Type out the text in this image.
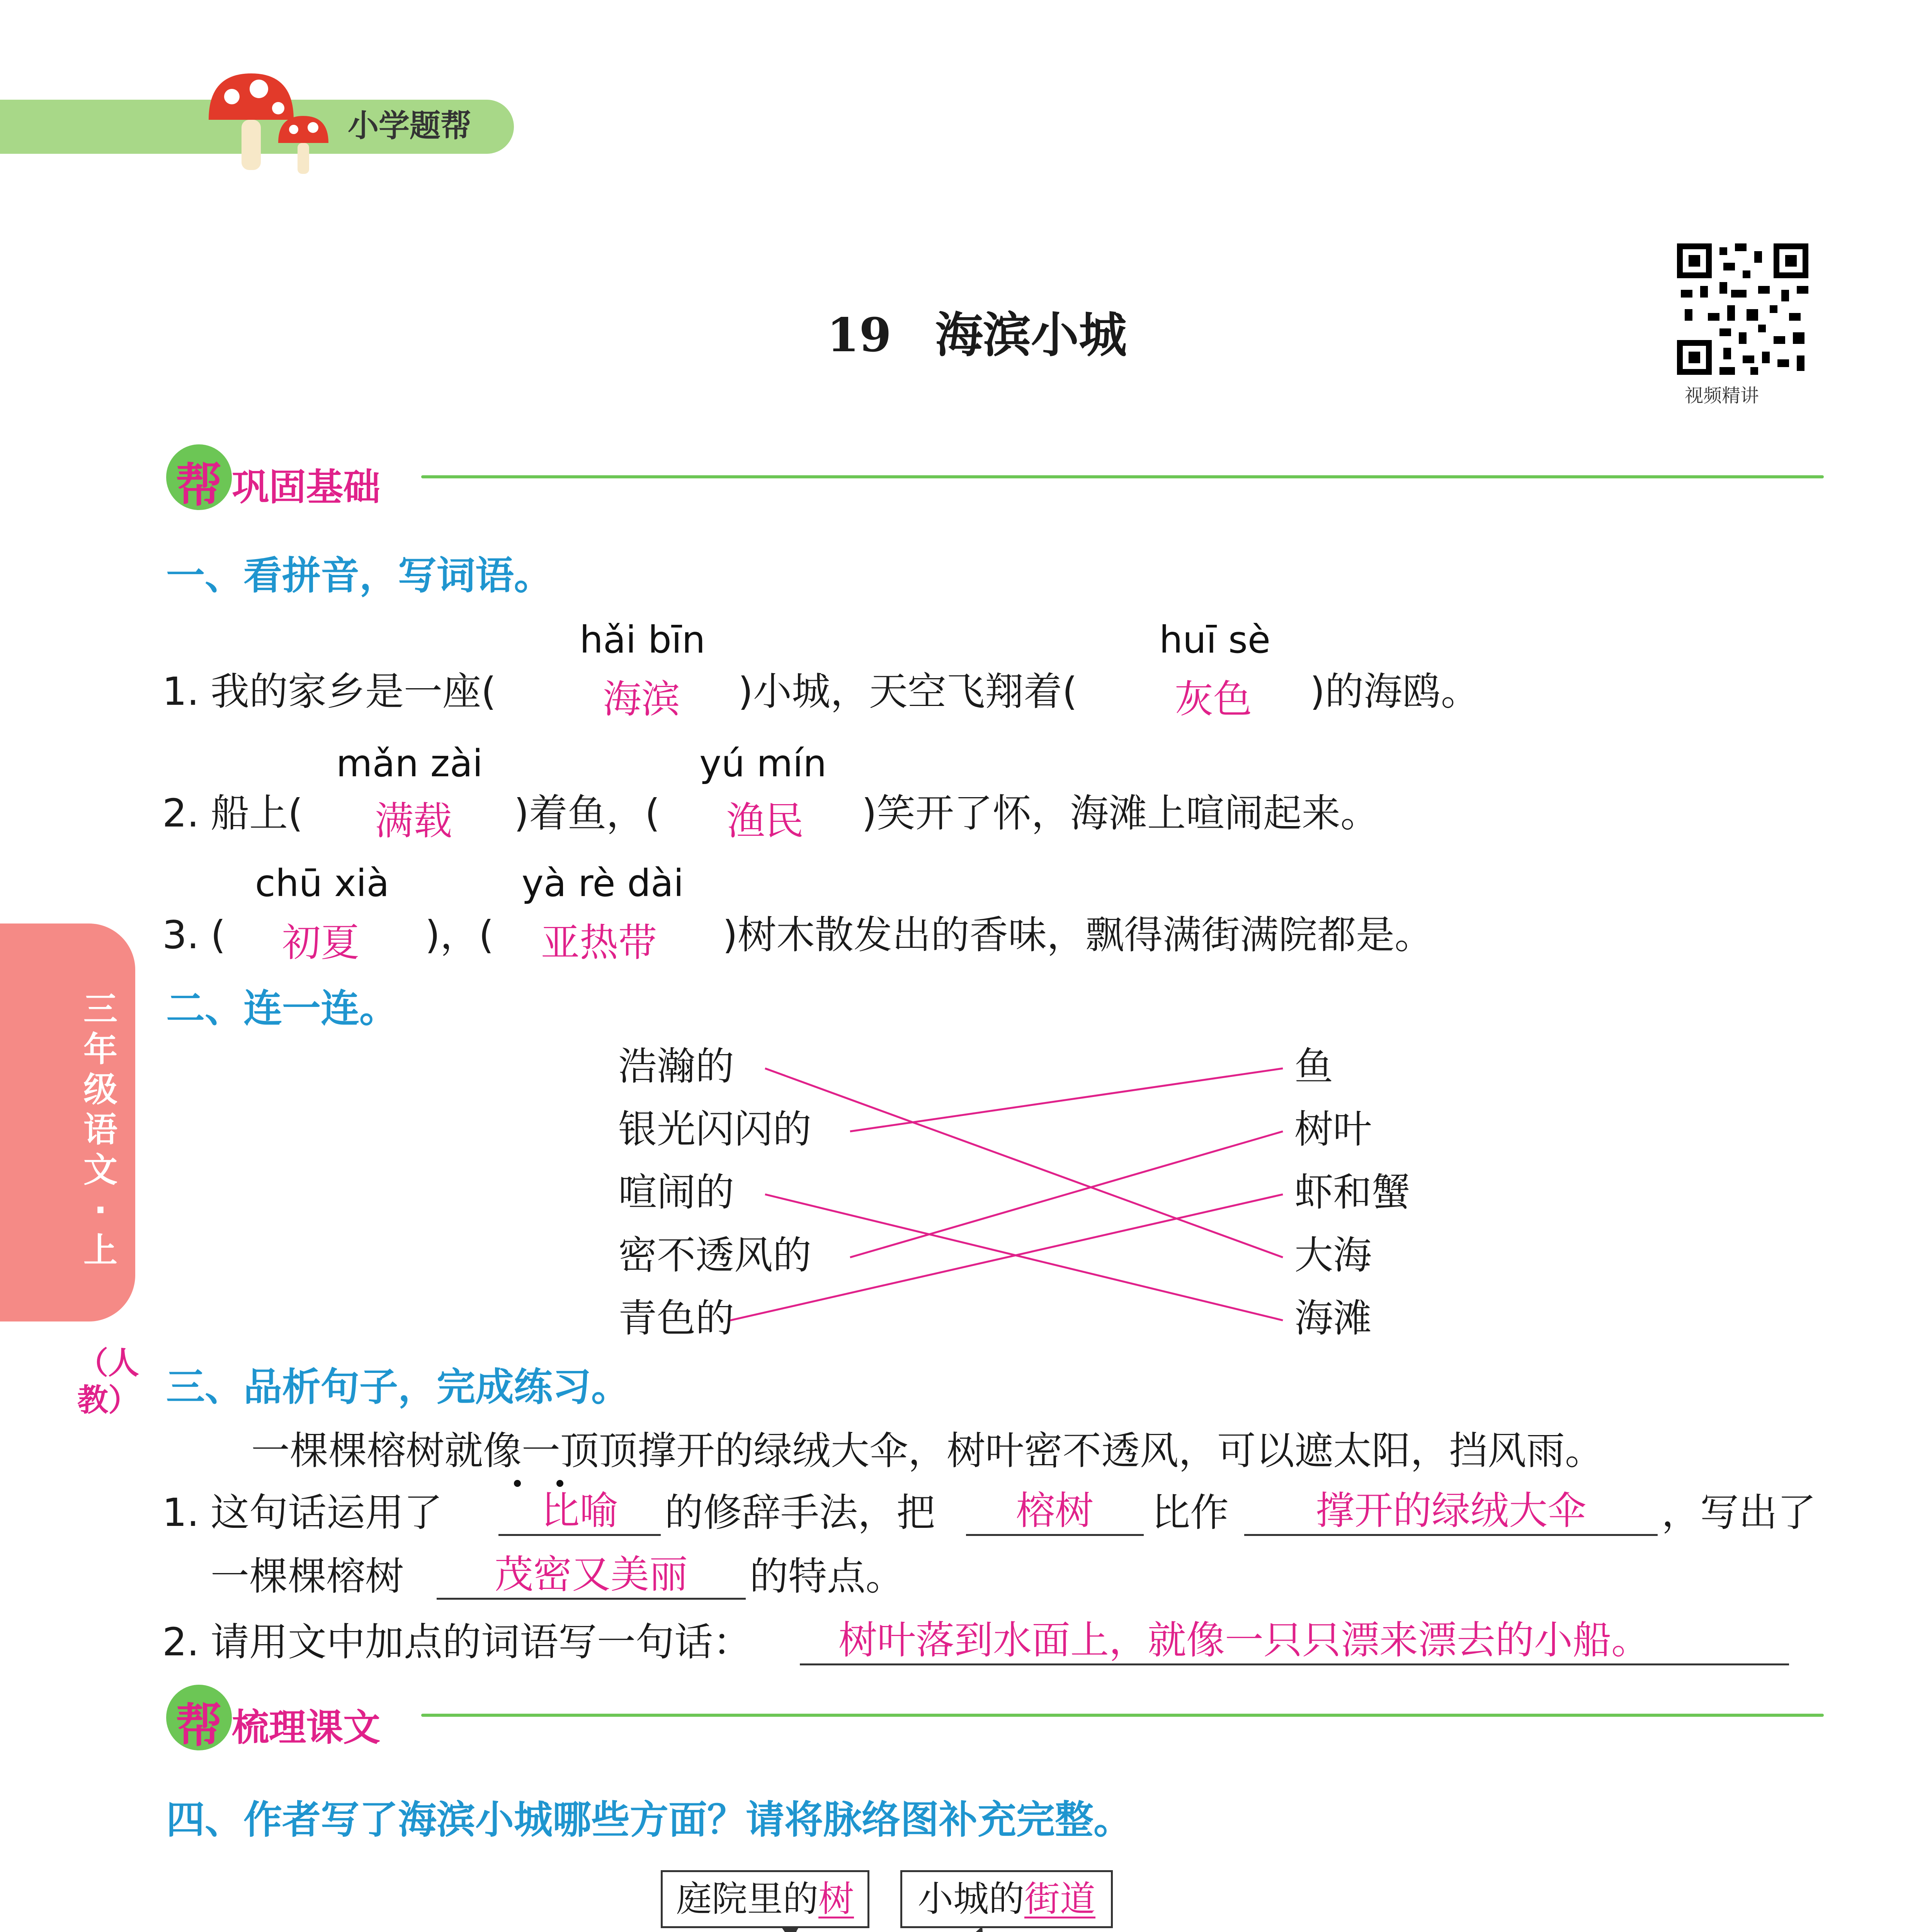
小学题帮
19 海滨小城
视频精讲
帮 巩固基础
一、看拼音，写词语。
hǎi bīn	huī sè
1. 我的家乡是一座(	海滨 )小城，天空飞翔着(	灰色 )的海鸥。
mǎn zài	yú mín
2. 船上( 满载 )着鱼，( 渔民 )笑开了怀，海滩上喧闹起来。
chū xià	yà rè dài
3. ( 初夏 )，( 亚热带 )树木散发出的香味，飘得满街满院都是。
二、连一连。
浩瀚的
银光闪闪的
喧闹的
密不透风的
青色的
鱼
树叶
虾和蟹
大海
海滩
三、品析句子，完成练习。
一棵棵榕树就像一顶顶撑开的绿绒大伞，树叶密不透风，可以遮太阳，挡风雨。
1. 这句话运用了	比喻	的修辞手法，把	榕树	比作	撑开的绿绒大伞	，写出了
一棵棵榕树	茂密又美丽	的特点。
2. 请用文中加点的词语写一句话：	树叶落到水面上，就像一只只漂来漂去的小船。
帮 梳理课文
四、作者写了海滨小城哪些方面？请将脉络图补充完整。
庭院里的树	小城的街道
三年级语文·上
（人教）
